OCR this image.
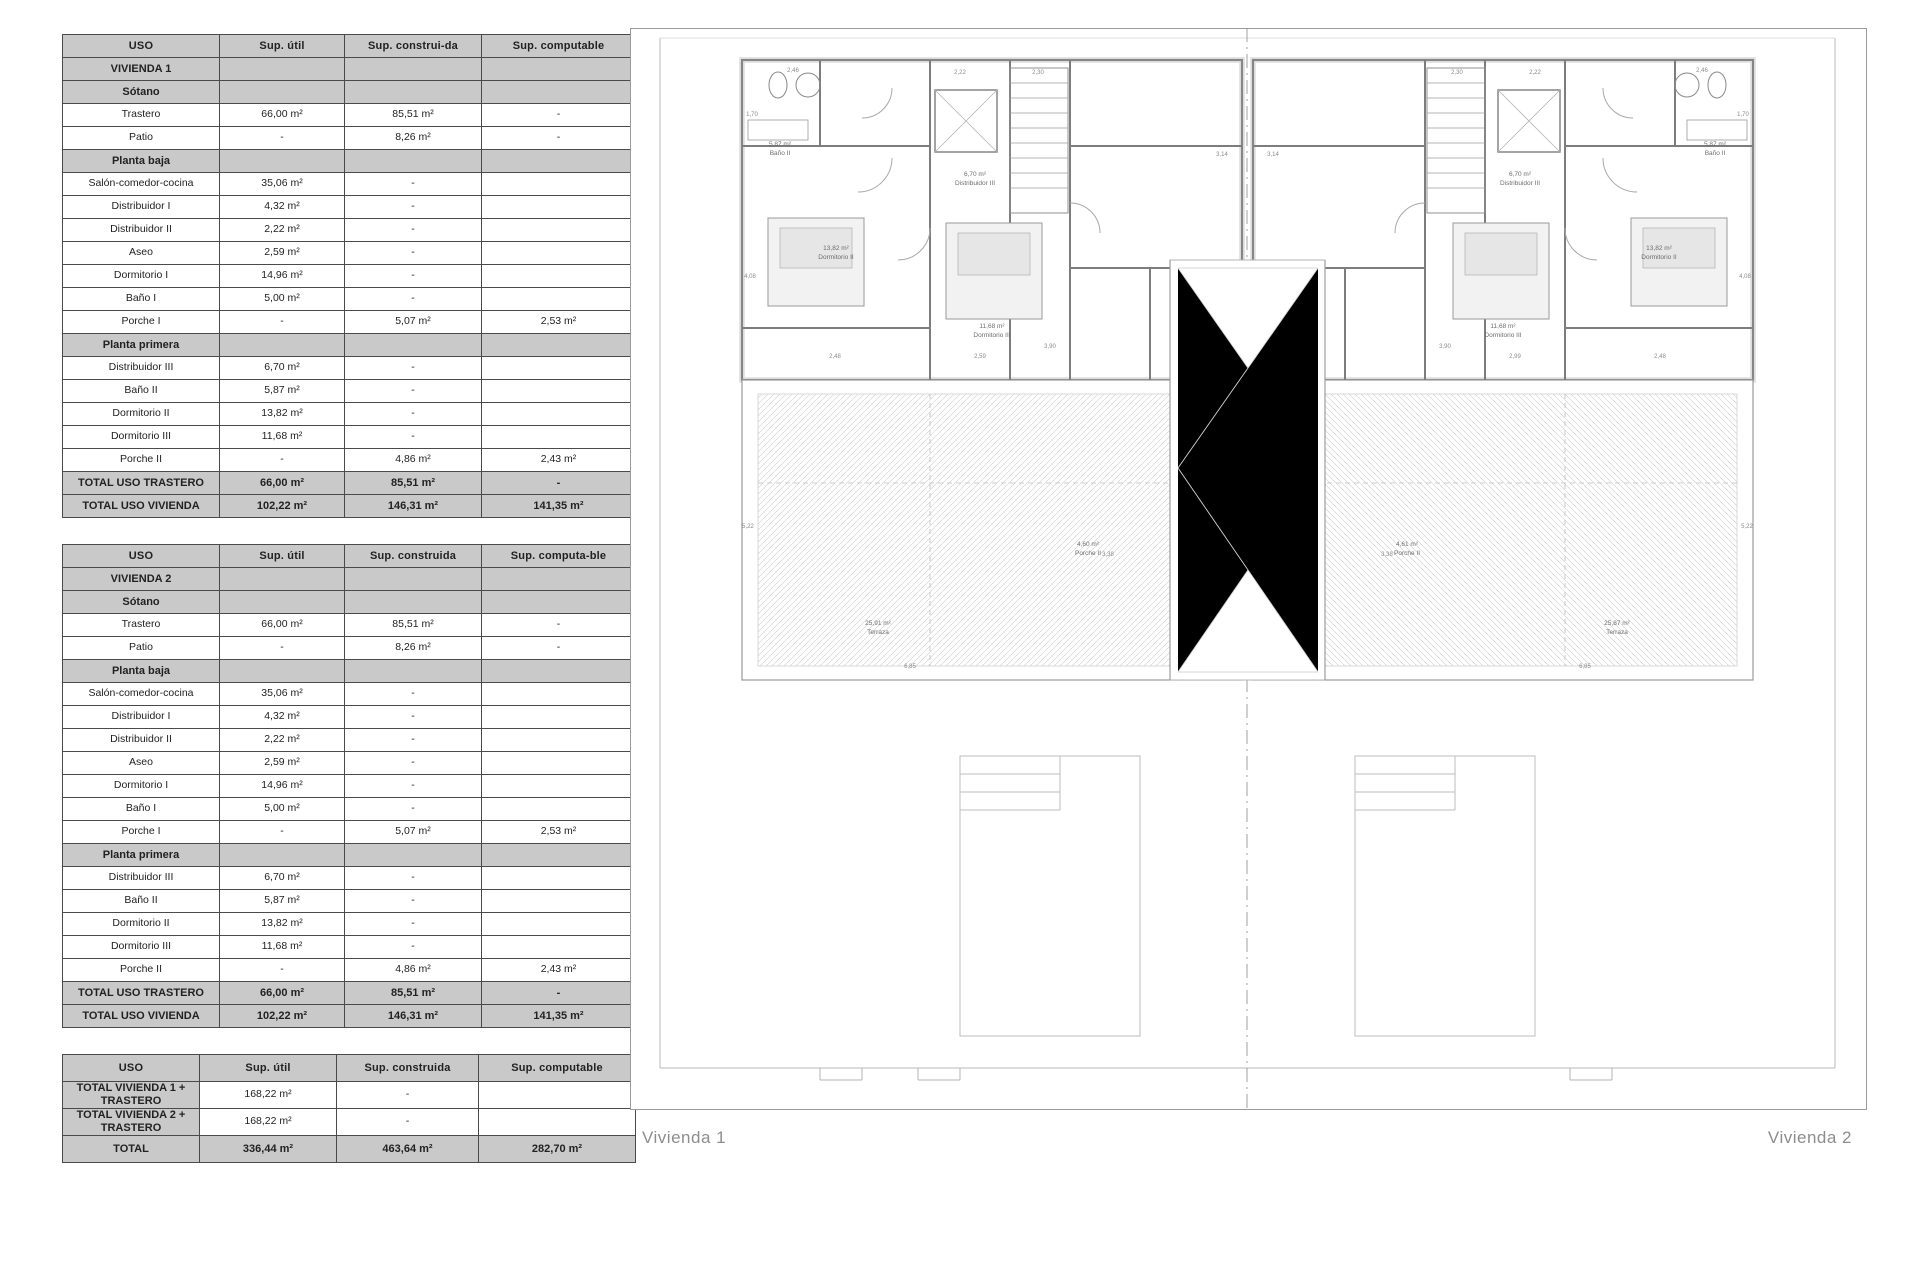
USO	Sup. útil	Sup. construi-da	Sup. computable
VIVIENDA 1			
Sótano			
Trastero	66,00 m²	85,51 m²	-
Patio	-	8,26 m²	-
Planta baja			
Salón-comedor-cocina	35,06 m²	-	
Distribuidor I	4,32 m²	-	
Distribuidor II	2,22 m²	-	
Aseo	2,59 m²	-	
Dormitorio I	14,96 m²	-	
Baño I	5,00 m²	-	
Porche I	-	5,07 m²	2,53 m²
Planta primera			
Distribuidor III	6,70 m²	-	
Baño II	5,87 m²	-	
Dormitorio II	13,82 m²	-	
Dormitorio III	11,68 m²	-	
Porche II	-	4,86 m²	2,43 m²
TOTAL USO TRASTERO	66,00 m²	85,51 m²	-
TOTAL USO VIVIENDA	102,22 m²	146,31 m²	141,35 m²
USO	Sup. útil	Sup. construida	Sup. computa-ble
VIVIENDA 2			
Sótano			
Trastero	66,00 m²	85,51 m²	-
Patio	-	8,26 m²	-
Planta baja			
Salón-comedor-cocina	35,06 m²	-	
Distribuidor I	4,32 m²	-	
Distribuidor II	2,22 m²	-	
Aseo	2,59 m²	-	
Dormitorio I	14,96 m²	-	
Baño I	5,00 m²	-	
Porche I	-	5,07 m²	2,53 m²
Planta primera			
Distribuidor III	6,70 m²	-	
Baño II	5,87 m²	-	
Dormitorio II	13,82 m²	-	
Dormitorio III	11,68 m²	-	
Porche II	-	4,86 m²	2,43 m²
TOTAL USO TRASTERO	66,00 m²	85,51 m²	-
TOTAL USO VIVIENDA	102,22 m²	146,31 m²	141,35 m²
USO	Sup. útil	Sup. construida	Sup. computable
TOTAL VIVIENDA 1 + TRASTERO	168,22 m²	-	
TOTAL VIVIENDA 2 + TRASTERO	168,22 m²	-	
TOTAL	336,44 m²	463,64 m²	282,70 m²
5,87 m²
Baño II
6,70 m²
Distribuidor III
13,82 m²
Dormitorio II
11,68 m²
Dormitorio III
4,60 m²
Porche II
25,91 m²
Terraza
2,46	2,22	2,30
1,70
4,08
2,48	2,59
3,90
5,22
3,38
6,85
5,87 m²
Baño II
6,70 m²
Distribuidor III
13,82 m²
Dormitorio II
11,68 m²
Dormitorio III
4,61 m²
Porche II
25,87 m²
Terraza
2,46
2,22
2,30
1,70
4,08
2,48
2,99
3,90
5,22
3,38
6,85
3,14	3,14
Vivienda 1	Vivienda 2
